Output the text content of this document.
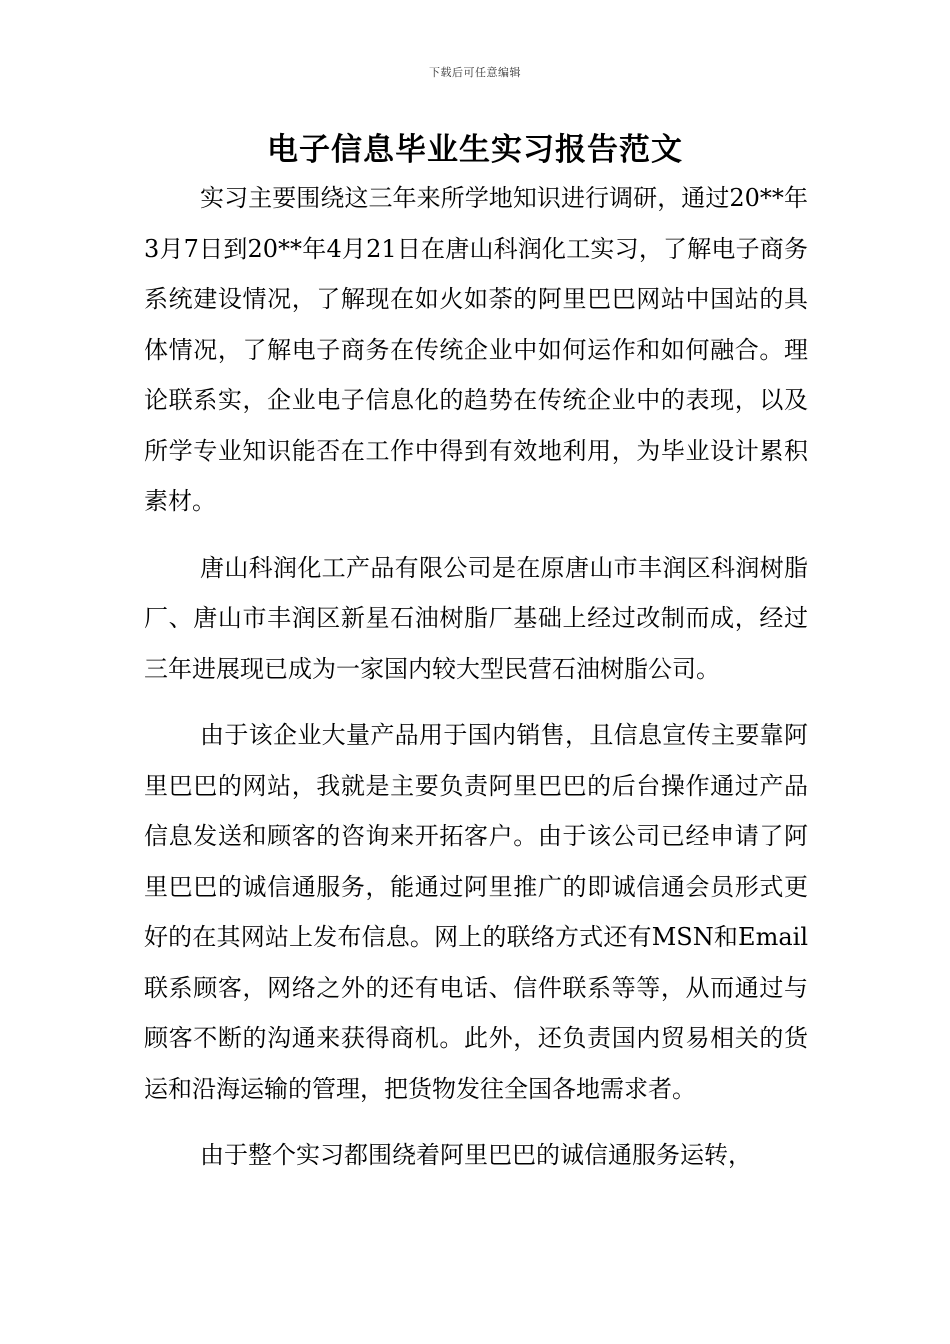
下载后可任意编辑
电子信息毕业生实习报告范文

实习主要围绕这三年来所学地知识进行调研，通过20**年3月7日到20**年4月21日在唐山科润化工实习，了解电子商务系统建设情况，了解现在如火如荼的阿里巴巴网站中国站的具体情况，了解电子商务在传统企业中如何运作和如何融合。理论联系实，企业电子信息化的趋势在传统企业中的表现，以及所学专业知识能否在工作中得到有效地利用，为毕业设计累积素材。

唐山科润化工产品有限公司是在原唐山市丰润区科润树脂厂、唐山市丰润区新星石油树脂厂基础上经过改制而成，经过三年进展现已成为一家国内较大型民营石油树脂公司。

由于该企业大量产品用于国内销售，且信息宣传主要靠阿里巴巴的网站，我就是主要负责阿里巴巴的后台操作通过产品信息发送和顾客的咨询来开拓客户。由于该公司已经申请了阿里巴巴的诚信通服务，能通过阿里推广的即诚信通会员形式更好的在其网站上发布信息。网上的联络方式还有MSN和Email联系顾客，网络之外的还有电话、信件联系等等，从而通过与顾客不断的沟通来获得商机。此外，还负责国内贸易相关的货运和沿海运输的管理，把货物发往全国各地需求者。

由于整个实习都围绕着阿里巴巴的诚信通服务运转，
